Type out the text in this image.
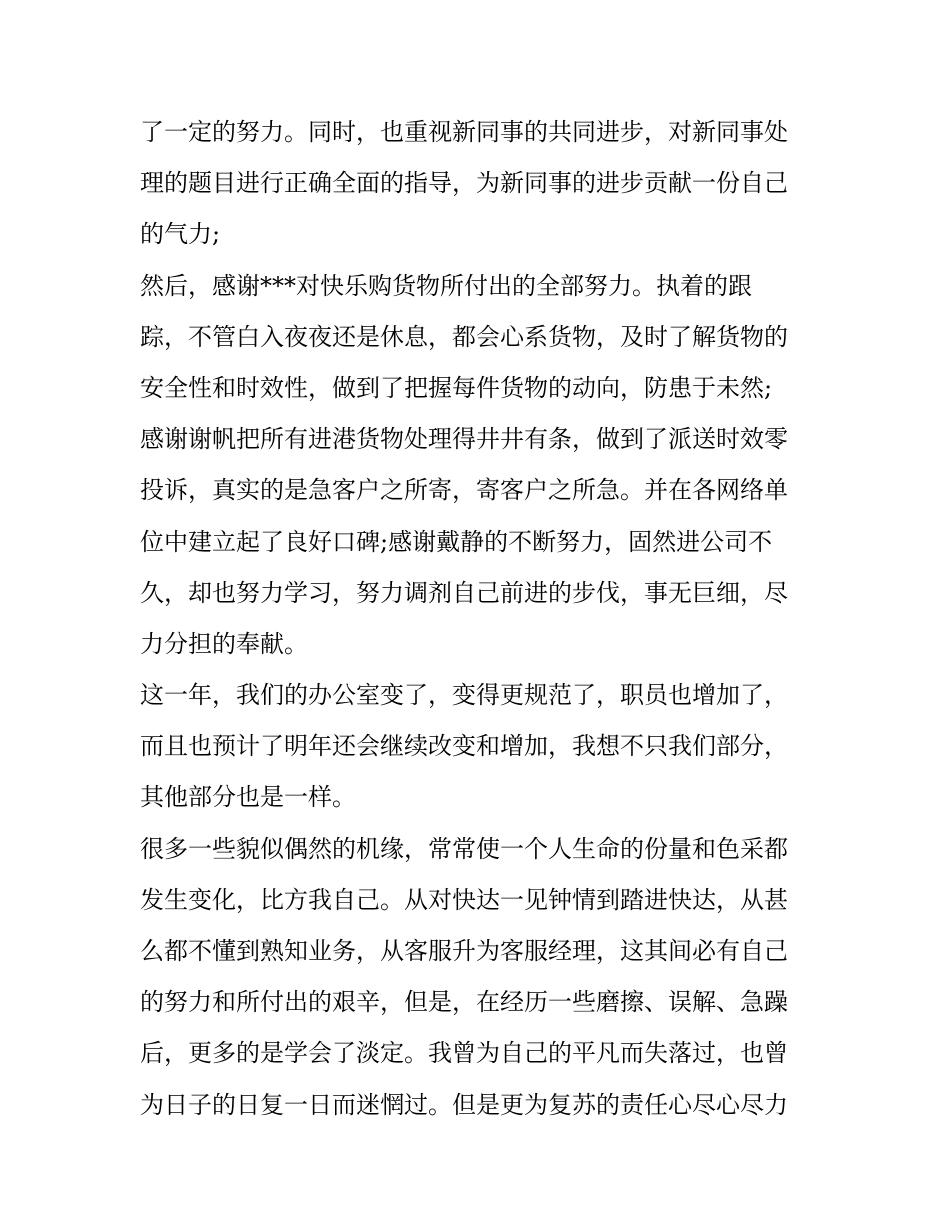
了一定的努力。同时，也重视新同事的共同进步，对新同事处
理的题目进行正确全面的指导，为新同事的进步贡献一份自己
的气力;
然后，感谢***对快乐购货物所付出的全部努力。执着的跟
踪，不管白入夜夜还是休息，都会心系货物，及时了解货物的
安全性和时效性，做到了把握每件货物的动向，防患于未然;
感谢谢帆把所有进港货物处理得井井有条，做到了派送时效零
投诉，真实的是急客户之所寄，寄客户之所急。并在各网络单
位中建立起了良好口碑;感谢戴静的不断努力，固然进公司不
久，却也努力学习，努力调剂自己前进的步伐，事无巨细，尽
力分担的奉献。
这一年，我们的办公室变了，变得更规范了，职员也增加了，
而且也预计了明年还会继续改变和增加，我想不只我们部分，
其他部分也是一样。
很多一些貌似偶然的机缘，常常使一个人生命的份量和色采都
发生变化，比方我自己。从对快达一见钟情到踏进快达，从甚
么都不懂到熟知业务，从客服升为客服经理，这其间必有自己
的努力和所付出的艰辛，但是，在经历一些磨擦、误解、急躁
后，更多的是学会了淡定。我曾为自己的平凡而失落过，也曾
为日子的日复一日而迷惘过。但是更为复苏的责任心尽心尽力
